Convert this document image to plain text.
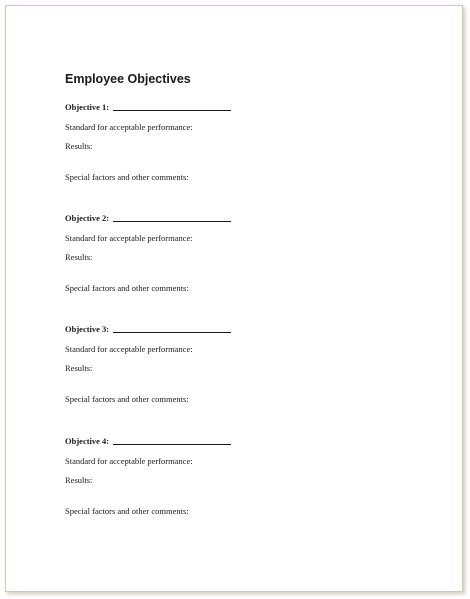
Employee Objectives
Objective 1:
Standard for acceptable performance:
Results:
Special factors and other comments:
Objective 2:
Standard for acceptable performance:
Results:
Special factors and other comments:
Objective 3:
Standard for acceptable performance:
Results:
Special factors and other comments:
Objective 4:
Standard for acceptable performance:
Results:
Special factors and other comments:
